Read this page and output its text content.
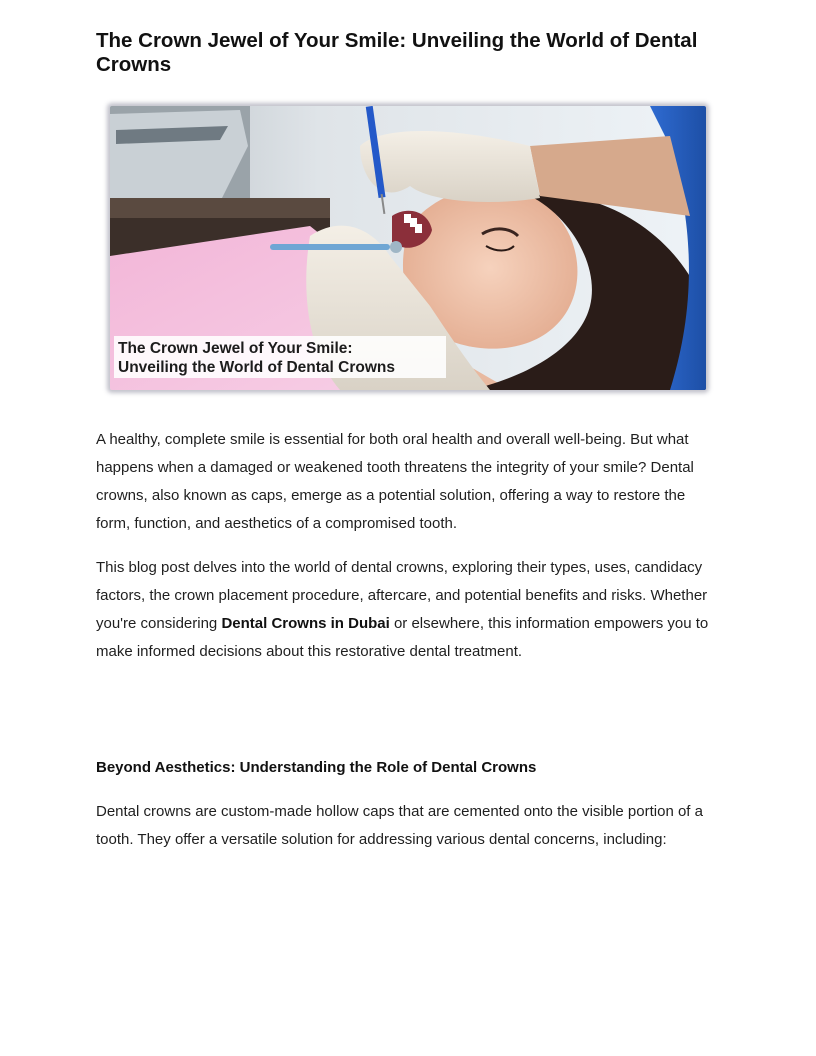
The Crown Jewel of Your Smile: Unveiling the World of Dental Crowns
The Crown Jewel of Your Smile:
Unveiling the World of Dental Crowns

A healthy, complete smile is essential for both oral health and overall well-being. But what happens when a damaged or weakened tooth threatens the integrity of your smile? Dental crowns, also known as caps, emerge as a potential solution, offering a way to restore the form, function, and aesthetics of a compromised tooth.

This blog post delves into the world of dental crowns, exploring their types, uses, candidacy factors, the crown placement procedure, aftercare, and potential benefits and risks. Whether you're considering Dental Crowns in Dubai or elsewhere, this information empowers you to make informed decisions about this restorative dental treatment.

Beyond Aesthetics: Understanding the Role of Dental Crowns

Dental crowns are custom-made hollow caps that are cemented onto the visible portion of a tooth. They offer a versatile solution for addressing various dental concerns, including:
